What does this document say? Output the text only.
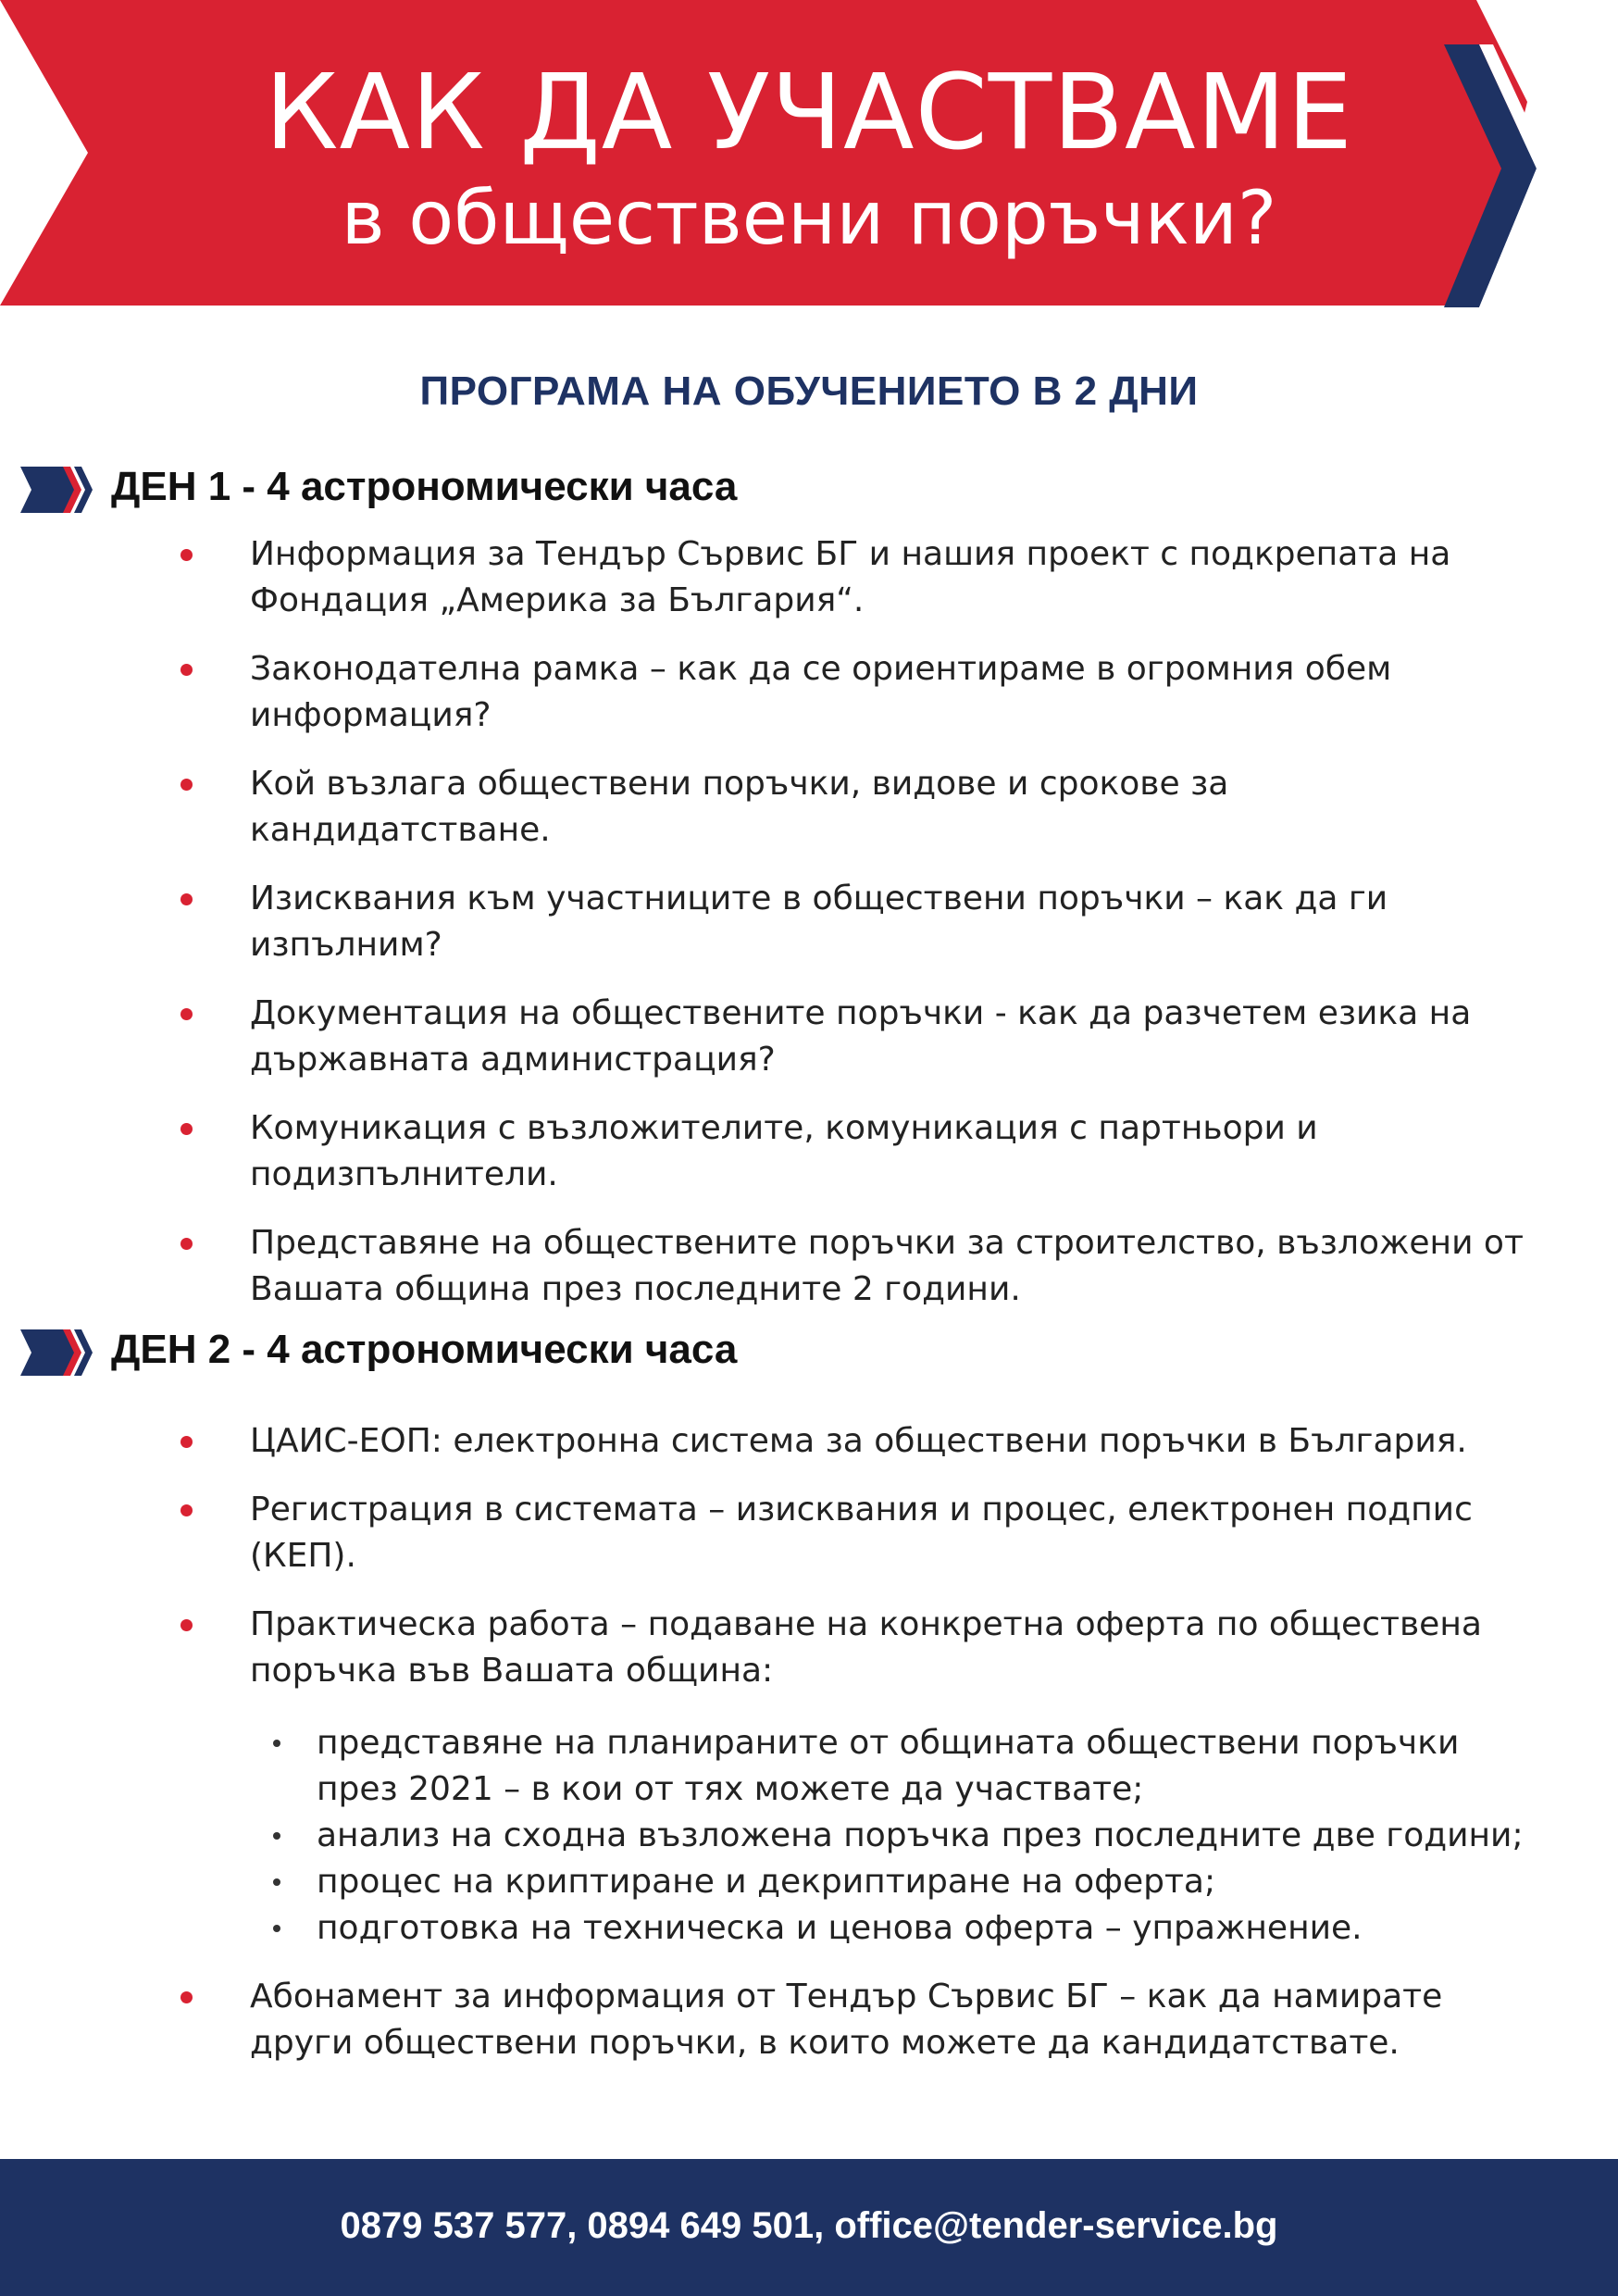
КАК ДА УЧАСТВАМЕ
в обществени поръчки?
ПРОГРАМА НА ОБУЧЕНИЕТО В 2 ДНИ
ДЕН 1 - 4 астрономически часа
Информация за Тендър Сървис БГ и нашия проект с подкрепата на Фондация „Америка за България“.
Законодателна рамка – как да се ориентираме в огромния обем информация?
Кой възлага обществени поръчки, видове и срокове за кандидатстване.
Изисквания към участниците в обществени поръчки – как да ги изпълним?
Документация на обществените поръчки - как да разчетем езика на държавната администрация?
Комуникация с възложителите, комуникация с партньори и подизпълнители.
Представяне на обществените поръчки за строителство, възложени от Вашата община през последните 2 години.
ДЕН 2 - 4 астрономически часа
ЦАИС-ЕОП: електронна система за обществени поръчки в България.
Регистрация в системата – изисквания и процес, електронен подпис (КЕП).
Практическа работа – подаване на конкретна оферта по обществена поръчка във Вашата община:
представяне на планираните от общината обществени поръчки през 2021 – в кои от тях можете да участвате;
анализ на сходна възложена поръчка през последните две години;
процес на криптиране и декриптиране на оферта;
подготовка на техническа и ценова оферта – упражнение.
Абонамент за информация от Тендър Сървис БГ – как да намирате други обществени поръчки, в които можете да кандидатствате.
0879 537 577, 0894 649 501, office@tender-service.bg
